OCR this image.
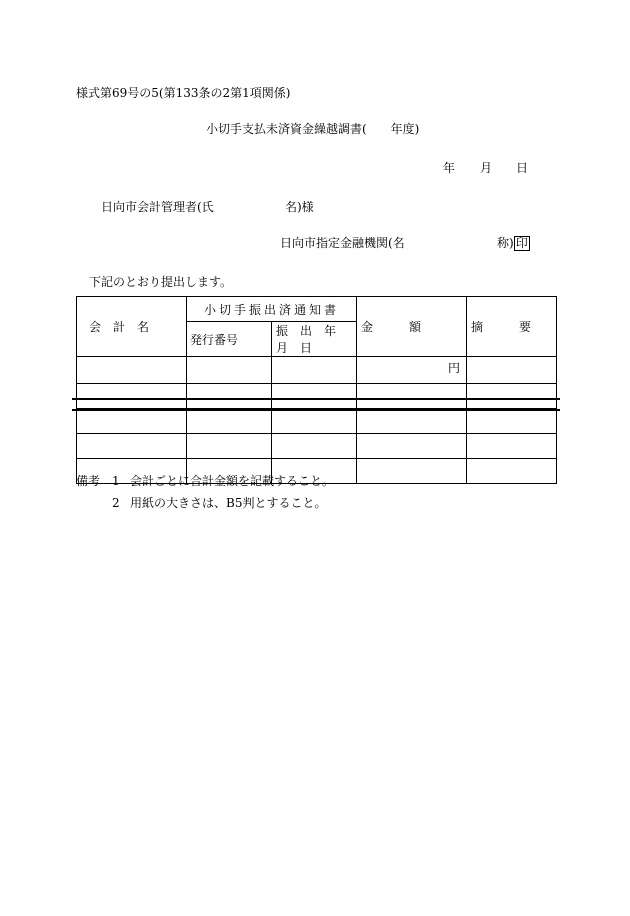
様式第69号の5(第133条の2第1項関係)
小切手支払未済資金繰越調書(　　年度)
年 月 日
日向市会計管理者(氏	名)様
日向市指定金融機関(名	称) 印
下記のとおり提出します。
会　計　名	小切手振出済通知書		金　　　額	摘　　　要
	発行番号	振　出　年　月　日		
			円	

備考 1 会計ごとに合計金額を記載すること。
2 用紙の大きさは、B5判とすること。
